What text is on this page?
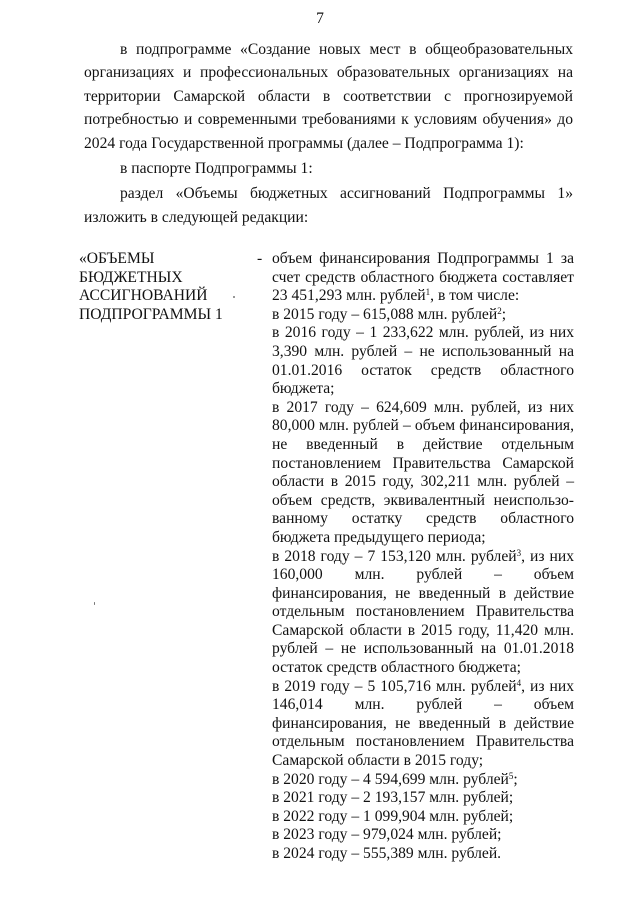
7

в подпрограмме «Создание новых мест в общеобразовательных организациях и профессиональных образовательных организациях на территории Самарской области в соответствии с прогнозируемой потребностью и современными требованиями к условиям обучения» до 2024 года Государственной программы (далее – Подпрограмма 1):

в паспорте Подпрограммы 1:

раздел «Объемы бюджетных ассигнований Подпрограммы 1» изложить в следующей редакции:

«ОБЪЕМЫ
БЮДЖЕТНЫХ
АССИГНОВАНИЙ
ПОДПРОГРАММЫ 1
- объем финансирования Подпрограммы 1 за счет средств областного бюджета составляет 23 451,293 млн. рублей$^1$, в том числе:
в 2015 году – 615,088 млн. рублей$^2$;
в 2016 году – 1 233,622 млн. рублей, из них 3,390 млн. рублей – не использованный на 01.01.2016 остаток средств областного бюджета;
в 2017 году – 624,609 млн. рублей, из них 80,000 млн. рублей – объем финансирования, не введенный в действие отдельным постановлением Правительства Самарской области в 2015 году, 302,211 млн. рублей – объем средств, эквивалентный неиспользо-ванному остатку средств областного бюджета предыдущего периода;
в 2018 году – 7 153,120 млн. рублей$^3$, из них 160,000 млн. рублей – объем финансирования, не введенный в действие отдельным постановлением Правительства Самарской области в 2015 году, 11,420 млн. рублей – не использованный на 01.01.2018 остаток средств областного бюджета;
в 2019 году – 5 105,716 млн. рублей$^4$, из них 146,014 млн. рублей – объем финансирования, не введенный в действие отдельным постановлением Правительства Самарской области в 2015 году;
в 2020 году – 4 594,699 млн. рублей$^5$;
в 2021 году – 2 193,157 млн. рублей;
в 2022 году – 1 099,904 млн. рублей;
в 2023 году – 979,024 млн. рублей;
в 2024 году – 555,389 млн. рублей.
